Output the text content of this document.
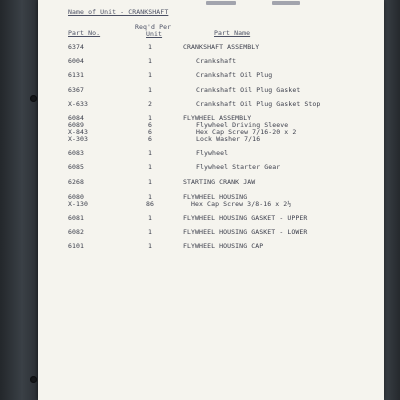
Name of Unit - CRANKSHAFT
Part No.
Req'd Per
Unit	Part Name
6374	1	CRANKSHAFT ASSEMBLY
6004	1	Crankshaft
6131	1	Crankshaft Oil Plug
6367	1	Crankshaft Oil Plug Gasket
X-633	2	Crankshaft Oil Plug Gasket Stop
6084	1	FLYWHEEL ASSEMBLY
6089	6	Flywheel Driving Sleeve
X-843	6	Hex Cap Screw 7/16-20 x 2
X-303	6	Lock Washer 7/16
6083	1	Flywheel
6085	1	Flywheel Starter Gear
6268	1	STARTING CRANK JAW
6080	1	FLYWHEEL HOUSING
X-130	86	Hex Cap Screw 3/8-16 x 2½
6081	1	FLYWHEEL HOUSING GASKET - UPPER
6082	1	FLYWHEEL HOUSING GASKET - LOWER
6101	1	FLYWHEEL HOUSING CAP
